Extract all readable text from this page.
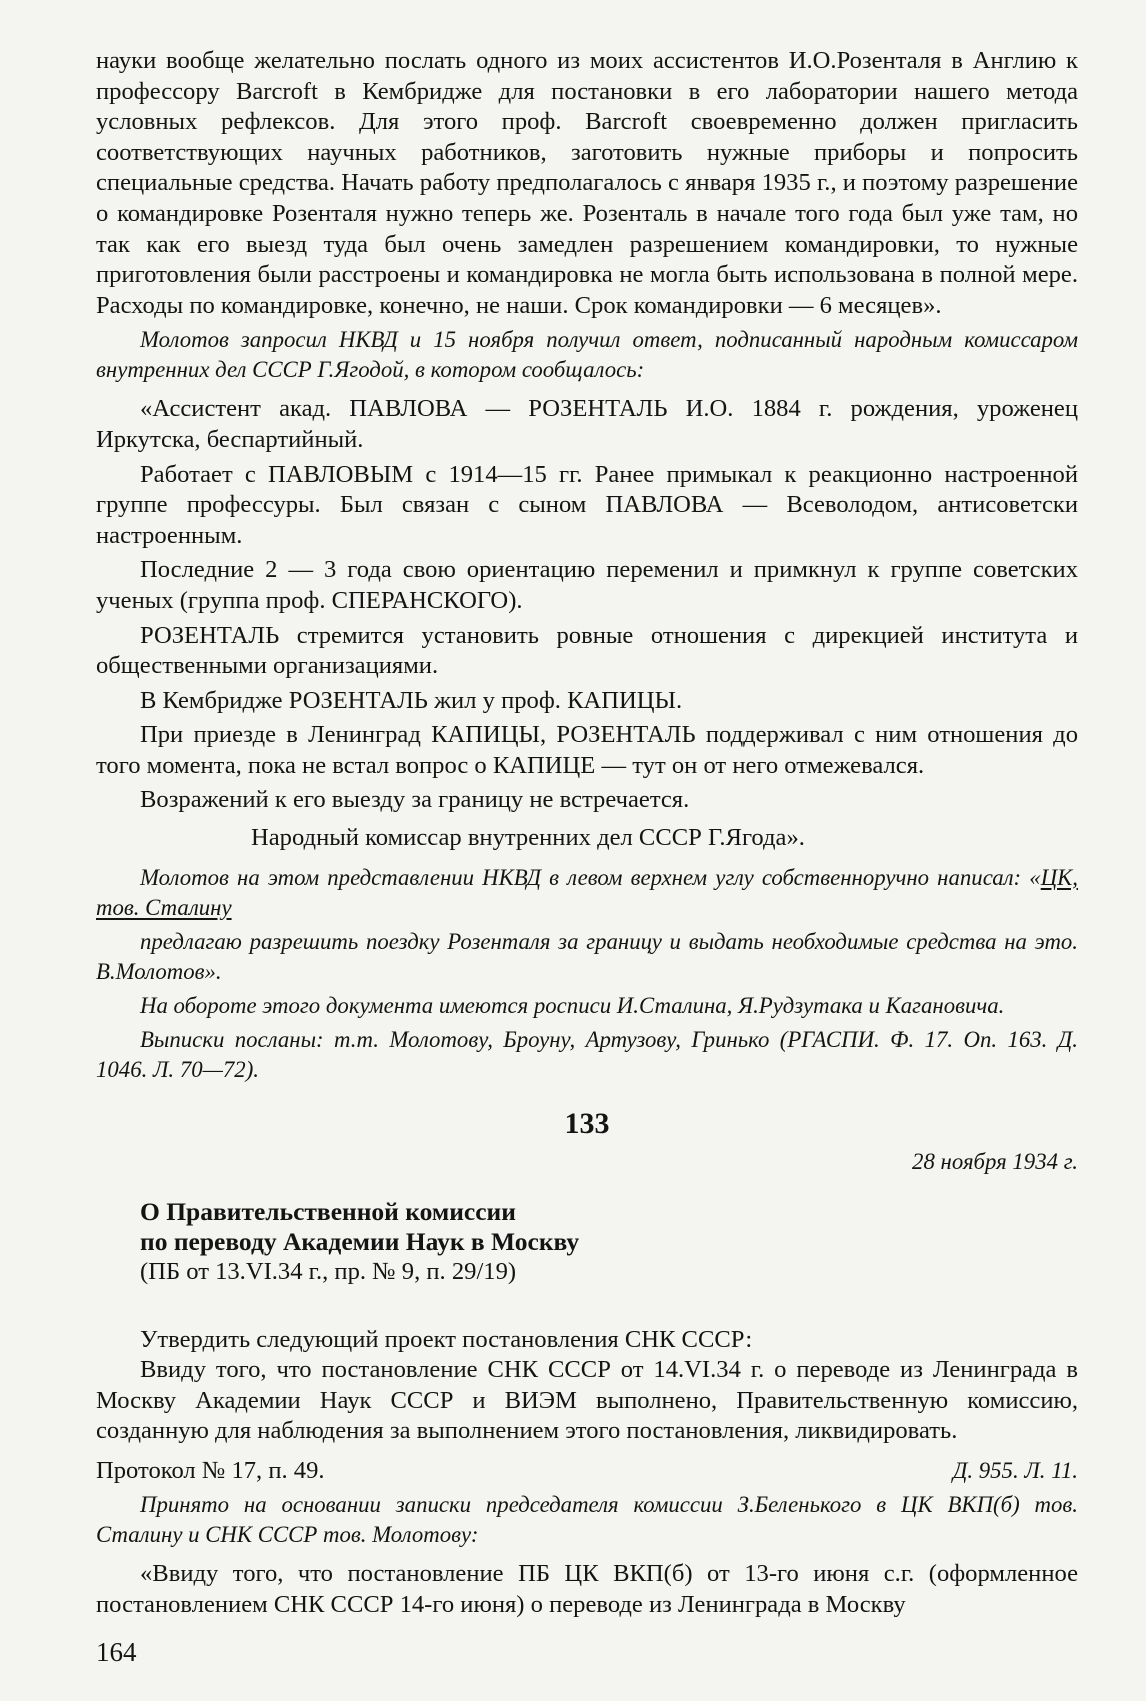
науки вообще желательно послать одного из моих ассистентов И.О.Розенталя в Англию к профессору Barcroft в Кембридже для постановки в его лаборатории нашего метода условных рефлексов. Для этого проф. Barcroft своевременно должен пригласить соответствующих научных работников, заготовить нужные приборы и попросить специальные средства. Начать работу предполагалось с января 1935 г., и поэтому разрешение о командировке Розенталя нужно теперь же. Розенталь в начале того года был уже там, но так как его выезд туда был очень замедлен разрешением командировки, то нужные приготовления были расстроены и командировка не могла быть использована в полной мере. Расходы по командировке, конечно, не наши. Срок командировки — 6 месяцев».

Молотов запросил НКВД и 15 ноября получил ответ, подписанный народным комиссаром внутренних дел СССР Г.Ягодой, в котором сообщалось:

«Ассистент акад. ПАВЛОВА — РОЗЕНТАЛЬ И.О. 1884 г. рождения, уроженец Иркутска, беспартийный.

Работает с ПАВЛОВЫМ с 1914—15 гг. Ранее примыкал к реакционно настроенной группе профессуры. Был связан с сыном ПАВЛОВА — Всеволодом, антисоветски настроенным.

Последние 2 — 3 года свою ориентацию переменил и примкнул к группе советских ученых (группа проф. СПЕРАНСКОГО).

РОЗЕНТАЛЬ стремится установить ровные отношения с дирекцией института и общественными организациями.

В Кембридже РОЗЕНТАЛЬ жил у проф. КАПИЦЫ.

При приезде в Ленинград КАПИЦЫ, РОЗЕНТАЛЬ поддерживал с ним отношения до того момента, пока не встал вопрос о КАПИЦЕ — тут он от него отмежевался.

Возражений к его выезду за границу не встречается.

Народный комиссар внутренних дел СССР Г.Ягода».

Молотов на этом представлении НКВД в левом верхнем углу собственноручно написал: «ЦК, тов. Сталину

предлагаю разрешить поездку Розенталя за границу и выдать необходимые средства на это. В.Молотов».

На обороте этого документа имеются росписи И.Сталина, Я.Рудзутака и Кагановича.

Выписки посланы: т.т. Молотову, Броуну, Артузову, Гринько (РГАСПИ. Ф. 17. Оп. 163. Д. 1046. Л. 70—72).

133
28 ноября 1934 г.
О Правительственной комиссии
по переводу Академии Наук в Москву
(ПБ от 13.VI.34 г., пр. № 9, п. 29/19)

Утвердить следующий проект постановления СНК СССР:

Ввиду того, что постановление СНК СССР от 14.VI.34 г. о переводе из Ленинграда в Москву Академии Наук СССР и ВИЭМ выполнено, Правительственную комиссию, созданную для наблюдения за выполнением этого постановления, ликвидировать.

Протокол № 17, п. 49.	Д. 955. Л. 11.

Принято на основании записки председателя комиссии З.Беленького в ЦК ВКП(б) тов. Сталину и СНК СССР тов. Молотову:

«Ввиду того, что постановление ПБ ЦК ВКП(б) от 13-го июня с.г. (оформленное постановлением СНК СССР 14-го июня) о переводе из Ленинграда в Москву

164
